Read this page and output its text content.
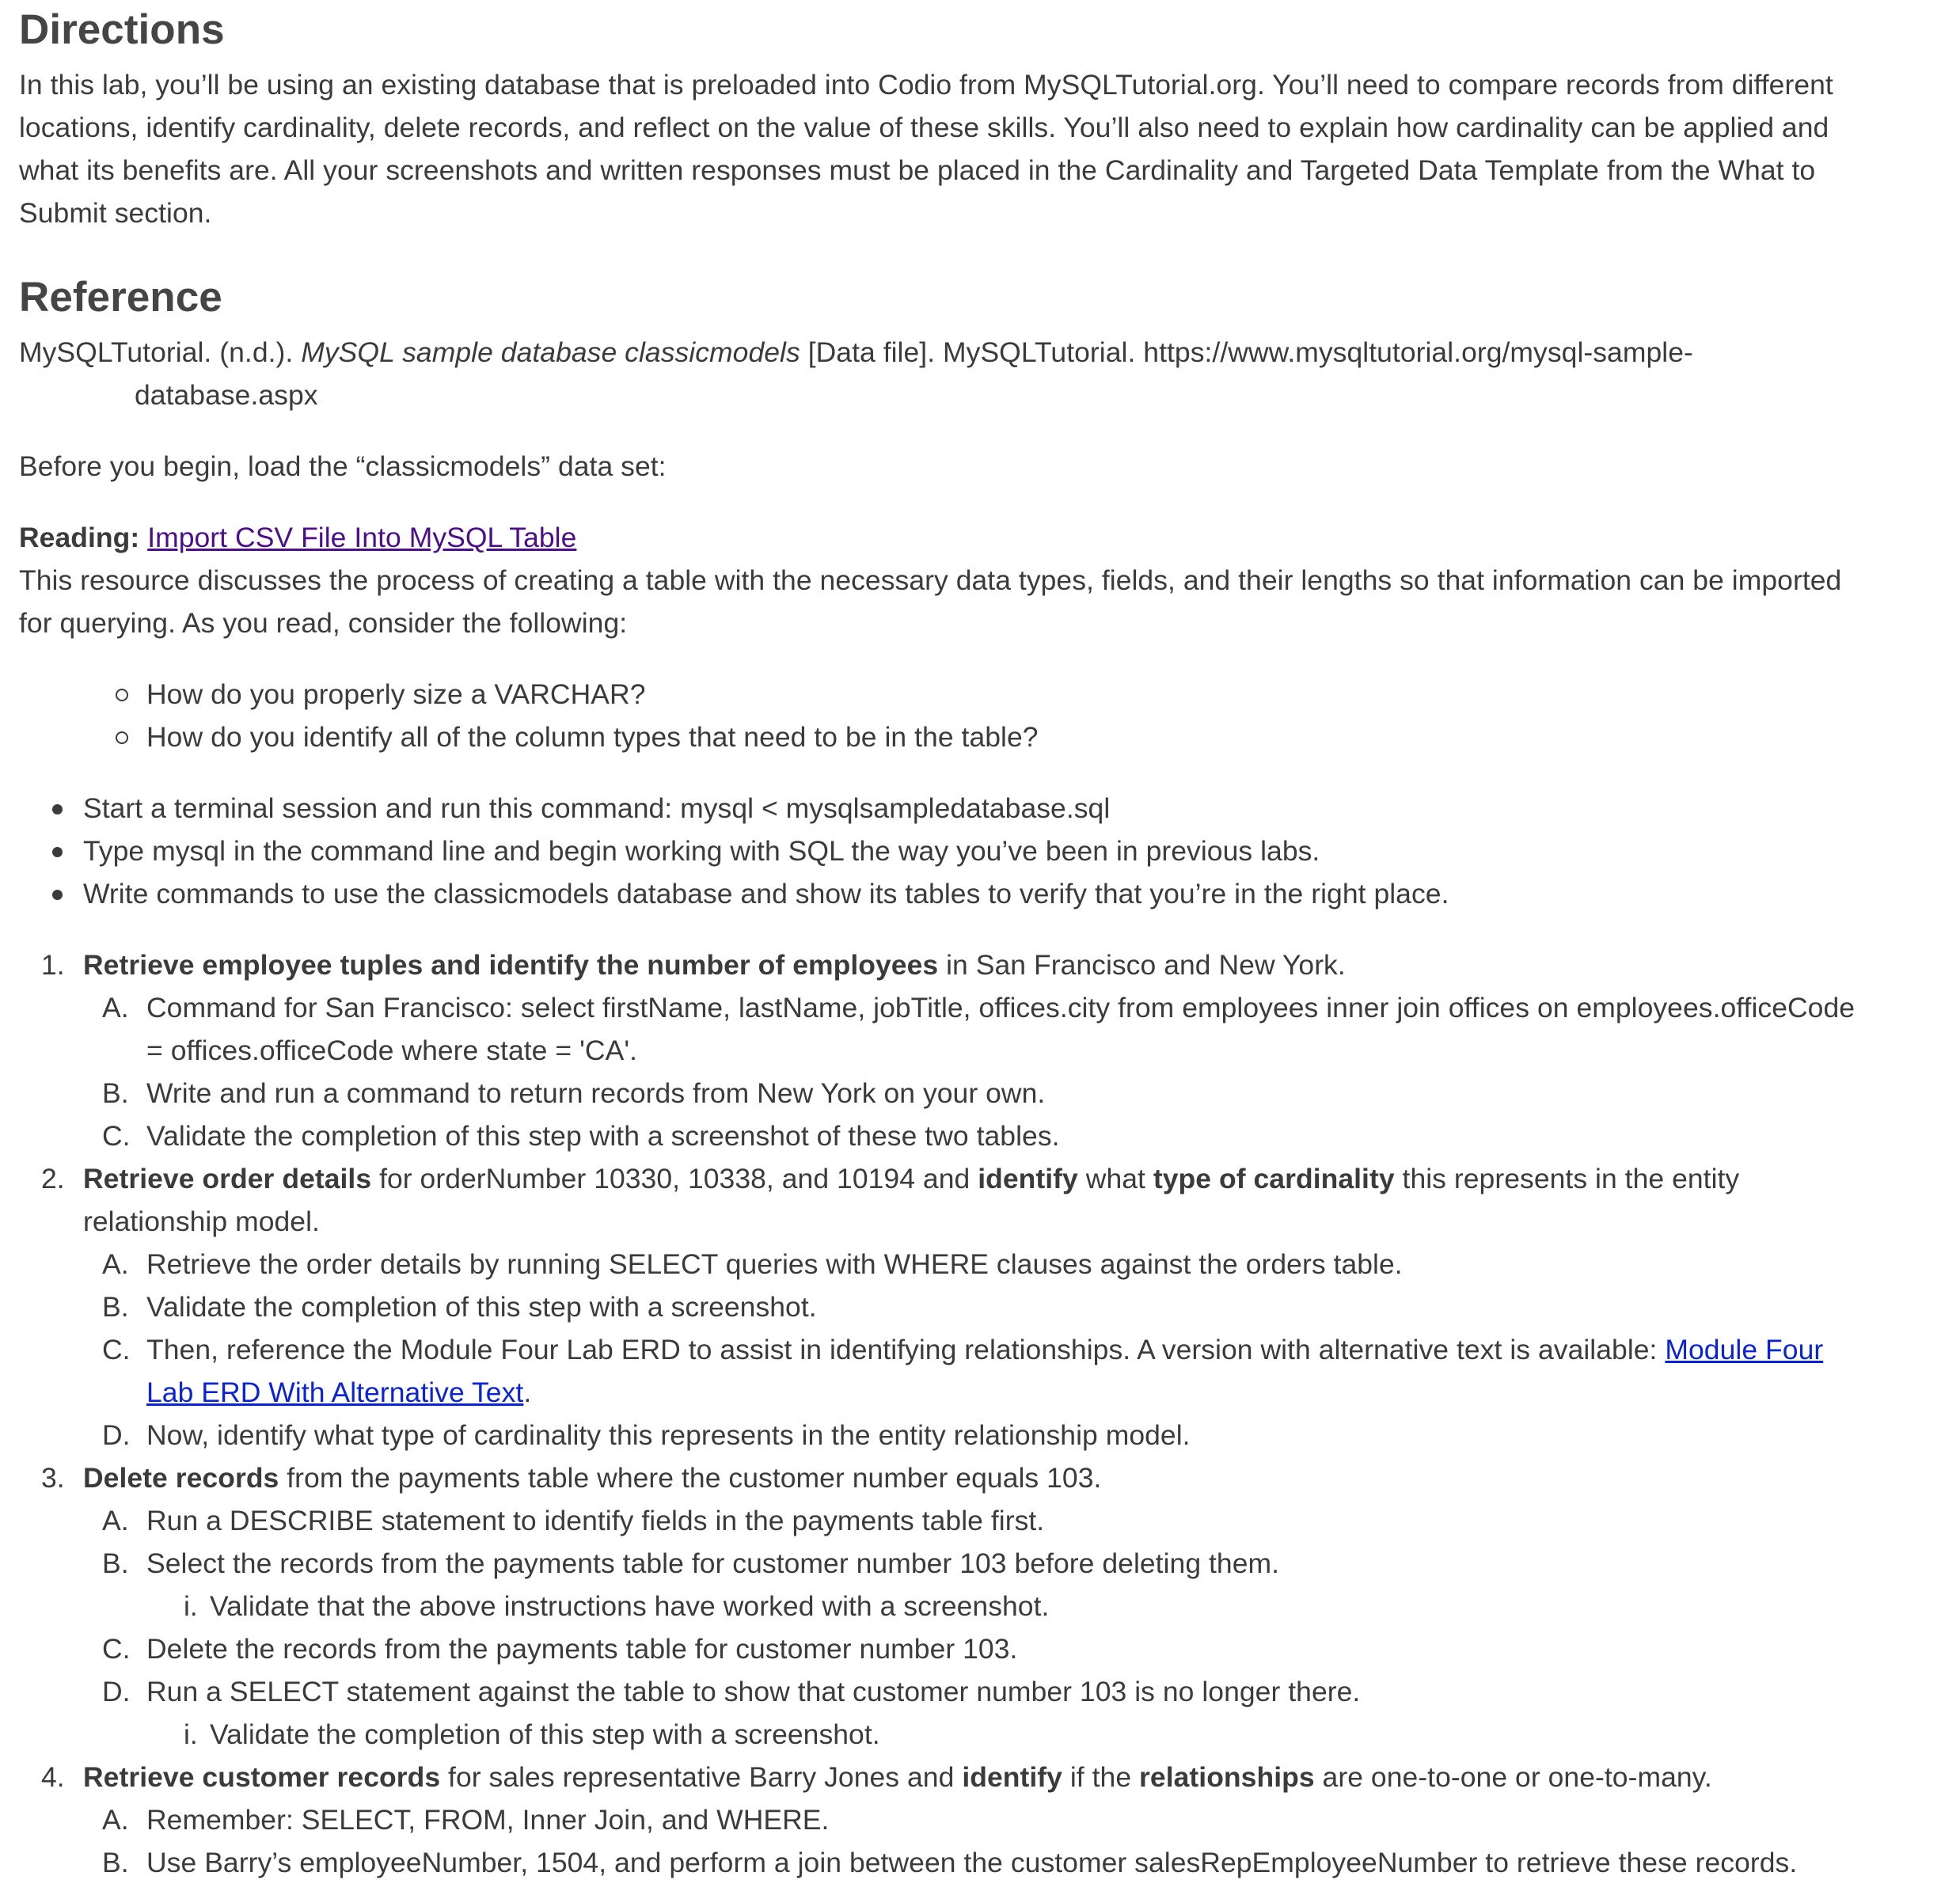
Directions

In this lab, you’ll be using an existing database that is preloaded into Codio from MySQLTutorial.org. You’ll need to compare records from different locations, identify cardinality, delete records, and reflect on the value of these skills. You’ll also need to explain how cardinality can be applied and what its benefits are. All your screenshots and written responses must be placed in the Cardinality and Targeted Data Template from the What to Submit section.

Reference

MySQLTutorial. (n.d.). MySQL sample database classicmodels [Data file]. MySQLTutorial. https://www.mysqltutorial.org/mysql-sample-database.aspx

Before you begin, load the “classicmodels” data set:

Reading: Import CSV File Into MySQL Table

This resource discusses the process of creating a table with the necessary data types, fields, and their lengths so that information can be imported for querying. As you read, consider the following:

How do you properly size a VARCHAR?
How do you identify all of the column types that need to be in the table?
Start a terminal session and run this command: mysql < mysqlsampledatabase.sql
Type mysql in the command line and begin working with SQL the way you’ve been in previous labs.
Write commands to use the classicmodels database and show its tables to verify that you’re in the right place.
1. Retrieve employee tuples and identify the number of employees in San Francisco and New York.
A. Command for San Francisco: select firstName, lastName, jobTitle, offices.city from employees inner join offices on employees.officeCode = offices.officeCode where state = 'CA'.
B. Write and run a command to return records from New York on your own.
C. Validate the completion of this step with a screenshot of these two tables.
2. Retrieve order details for orderNumber 10330, 10338, and 10194 and identify what type of cardinality this represents in the entity relationship model.
A. Retrieve the order details by running SELECT queries with WHERE clauses against the orders table.
B. Validate the completion of this step with a screenshot.
C. Then, reference the Module Four Lab ERD to assist in identifying relationships. A version with alternative text is available: Module Four Lab ERD With Alternative Text.
D. Now, identify what type of cardinality this represents in the entity relationship model.
3. Delete records from the payments table where the customer number equals 103.
A. Run a DESCRIBE statement to identify fields in the payments table first.
B. Select the records from the payments table for customer number 103 before deleting them.
i. Validate that the above instructions have worked with a screenshot.
C. Delete the records from the payments table for customer number 103.
D. Run a SELECT statement against the table to show that customer number 103 is no longer there.
i. Validate the completion of this step with a screenshot.
4. Retrieve customer records for sales representative Barry Jones and identify if the relationships are one-to-one or one-to-many.
A. Remember: SELECT, FROM, Inner Join, and WHERE.
B. Use Barry’s employeeNumber, 1504, and perform a join between the customer salesRepEmployeeNumber to retrieve these records.
